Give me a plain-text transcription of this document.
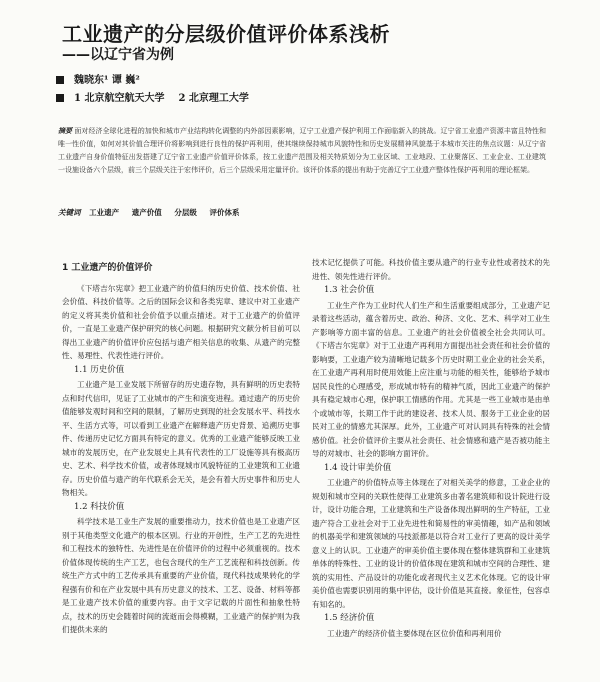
工业遗产的分层级价值评价体系浅析
——以辽宁省为例
魏晓东¹ 谭 巍²
1 北京航空航天大学 2 北京理工大学
摘要 面对经济全球化进程的加快和城市产业结构转化调整的内外部因素影响，辽宁工业遗产保护利用工作面临新入的挑战。辽宁省工业遗产资源丰富且特性和唯一性价值，如何对其价值合理评价将影响到进行良性的保护再利用，使其继续保持城市风貌特性和历史发展精神风貌基于本城市关注的焦点议题：从辽宁省工业遗产自身价值特征出发搭建了辽宁省工业遗产价值评价体系，按工业遗产范围及相关特质划分为工业区域、工业地段、工业聚落区、工业企业、工业建筑一设施设备六个层级，前三个层级关注于宏伟评价，后三个层级采用定量评价。该评价体系的提出有助于完善辽宁工业遗产整体性保护再利用的理论框架。
关键词 工业遗产 遗产价值 分层级 评价体系
1 工业遗产的价值评价

《下塔吉尔宪章》把工业遗产的价值归纳历史价值、技术价值、社会价值、科技价值等。之后的国际会议和各类宪章、建议中对工业遗产的定义将其类价值和社会价值予以重点描述。对于工业遗产的价值评价，一直是工业遗产保护研究的核心问题。根据研究文献分析目前可以得出工业遗产的价值评价应包括与遗产相关信息的收集、从遗产的完整性、易理性、代表性进行评价。

1.1 历史价值

工业遗产是工业发展下所留存的历史遗存物，具有鲜明的历史表特点和时代信印，见证了工业城市的产生和演变进程。通过遗产的历史价值能够发观时间和空间的限制，了解历史到现的社会发展水平、科技水平、生活方式等，可以看到工业遗产在解释遗产历史背景、追溯历史事件、传递历史记忆方面具有特定的意义。优秀的工业遗产能够反映工业城市的发展历史，在产业发展史上具有代表性的工厂设施等具有极高历史、艺术、科学技术价值，或者体现城市风貌特征的工业建筑和工业遗存。历史价值与遗产的年代联系会无关，是会有着大历史事件和历史人物相关。

1.2 科技价值

科学技术是工业生产发展的重要推动力，技术价值也是工业遗产区别于其他类型文化遗产的根本区别。行业的开创性，生产工艺的先进性和工程技术的独特性、先进性是在价值评价的过程中必须重视的。技术价值体现传统的生产工艺，也包含现代的生产工艺流程和科技创新。传统生产方式中的工艺传承具有重要的产业价值，现代科技成果转化的学程强有价和在产业发展中具有历史意义的技术、工艺、设备、材料等都是工业遗产技术价值的重要内容。由于文字记载的片面性和抽象性特点，技术的历史会随着时间的流逝而会得模糊，工业遗产的保护则为我们提供未来的

技术记忆提供了可能。科技价值主要从遗产的行业专业性或者技术的先进性、领先性进行评价。

1.3 社会价值

工业生产作为工业时代人们生产和生活重要组成部分，工业遗产记录着这些活动，蕴含着历史、政治、种济、文化、艺术、科学对工业生产影响等方面丰富的信息。工业遗产的社会价值被全社会共同认可。《下塔吉尔宪章》对于工业遗产再利用方面提出社会责任和社会价值的影响要，工业遗产较为清晰地记载多个历史时期工业企业的社会关系，在工业遗产再利用时使用效能上应注重与功能的相关性，能够给予城市居民良性的心理感受，形成城市特有的精神气质，因此工业遗产的保护具有稳定城市心理，保护职工情感的作用。尤其是一些工业城市是由单个或城市等，长期工作于此的建设者、技术人员、服务于工业企业的居民对工业的情感尤其深厚。此外，工业遗产可对认同具有特殊的社会情感价值。社会价值评价主要从社会责任、社会情感和遗产是否被功能主导的对城市、社会的影响方面评价。

1.4 设计审美价值

工业遗产的价值特点等主体现在了对相关美学的修意，工业企业的规划和城市空间的关联性使得工业建筑多由著名建筑师和设计院进行设计，设计功能合理，工业建筑和生产设备体现出鲜明的生产特征，工业遗产符合工业社会对于工业先进性和简易性的审美情趣，如产品和领域的机器美学和建筑领域的马技派都是以符合对工业行了更高的设计美学意义上的认识。工业遗产的审美价值主要体现在整体建筑群和工业建筑单体的特殊性、工业的设计的价值体现在建筑和城市空间的合理性、建筑的实用性、产品设计的功能化或者现代主义艺术化体现。它的设计审美价值也需要识别用的集中评估，设计价值是其直接。象征性，包容卓有知名的。

1.5 经济价值

工业遗产的经济价值主要体现在区位价值和再利用价
